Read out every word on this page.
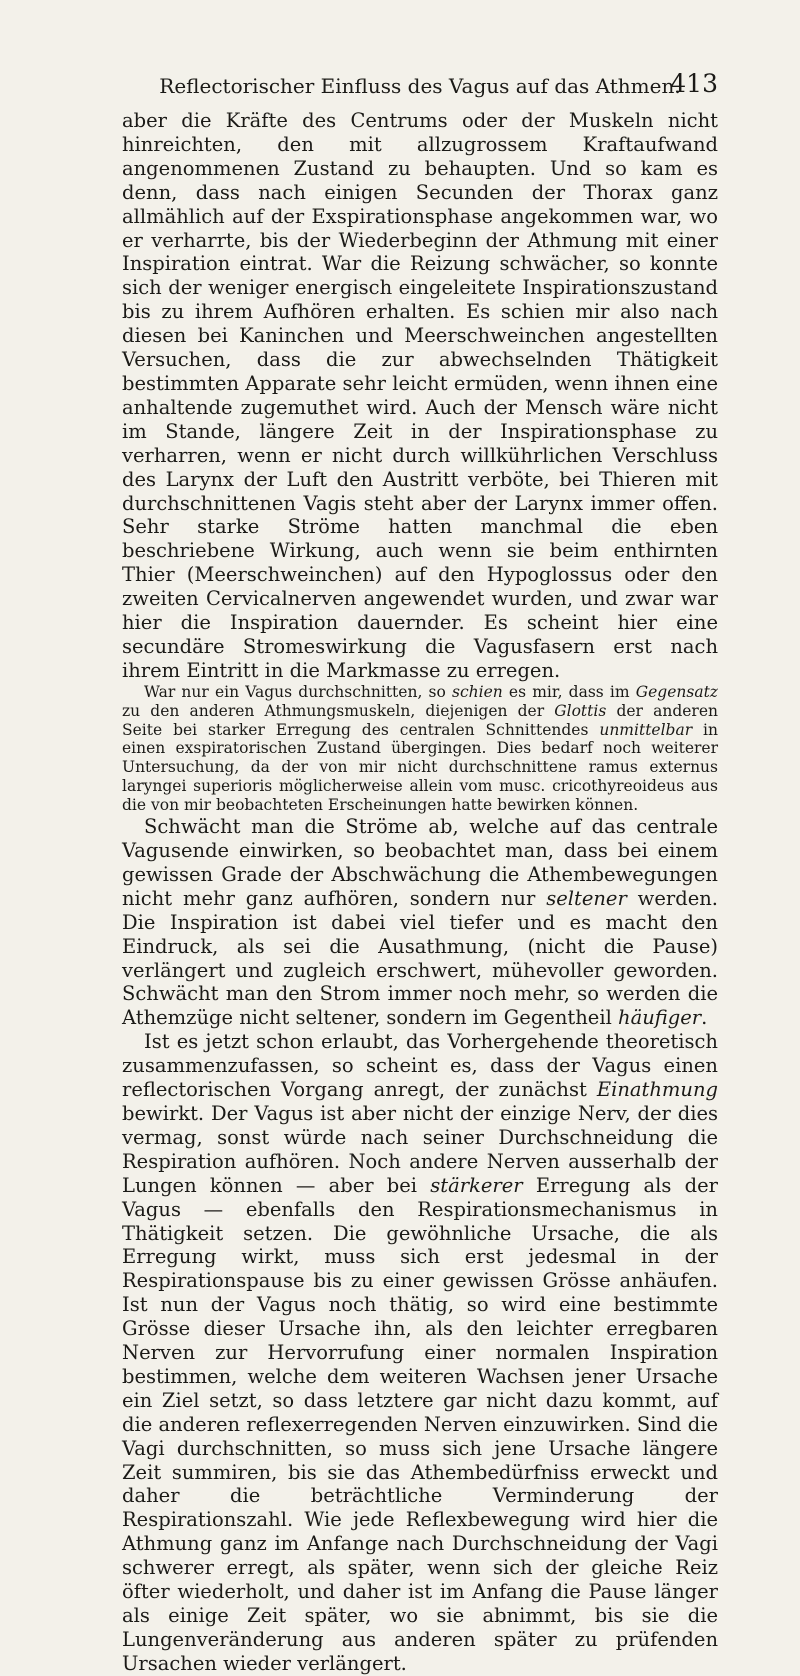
Reflectorischer Einfluss des Vagus auf das Athmen.
413

aber die Kräfte des Centrums oder der Muskeln nicht hinreichten, den mit allzugrossem Kraftaufwand angenommenen Zustand zu behaupten. Und so kam es denn, dass nach einigen Secunden der Thorax ganz allmählich auf der Exspirationsphase angekommen war, wo er verharrte, bis der Wiederbeginn der Athmung mit einer Inspiration eintrat. War die Reizung schwächer, so konnte sich der weniger energisch eingeleitete Inspirationszustand bis zu ihrem Aufhören erhalten. Es schien mir also nach diesen bei Kaninchen und Meerschweinchen angestellten Versuchen, dass die zur abwechselnden Thätigkeit bestimmten Apparate sehr leicht ermüden, wenn ihnen eine anhaltende zugemuthet wird. Auch der Mensch wäre nicht im Stande, längere Zeit in der Inspirationsphase zu verharren, wenn er nicht durch willkührlichen Verschluss des Larynx der Luft den Austritt verböte, bei Thieren mit durchschnittenen Vagis steht aber der Larynx immer offen. Sehr starke Ströme hatten manchmal die eben beschriebene Wirkung, auch wenn sie beim enthirnten Thier (Meerschweinchen) auf den Hypoglossus oder den zweiten Cervicalnerven angewendet wurden, und zwar war hier die Inspiration dauernder. Es scheint hier eine secundäre Stromeswirkung die Vagusfasern erst nach ihrem Eintritt in die Markmasse zu erregen.

War nur ein Vagus durchschnitten, so schien es mir, dass im Gegensatz zu den anderen Athmungsmuskeln, diejenigen der Glottis der anderen Seite bei starker Erregung des centralen Schnittendes unmittelbar in einen exspiratorischen Zustand übergingen. Dies bedarf noch weiterer Untersuchung, da der von mir nicht durchschnittene ramus externus laryngei superioris möglicherweise allein vom musc. cricothyreoideus aus die von mir beobachteten Erscheinungen hatte bewirken können.

Schwächt man die Ströme ab, welche auf das centrale Vagusende einwirken, so beobachtet man, dass bei einem gewissen Grade der Abschwächung die Athembewegungen nicht mehr ganz aufhören, sondern nur seltener werden. Die Inspiration ist dabei viel tiefer und es macht den Eindruck, als sei die Ausathmung, (nicht die Pause) verlängert und zugleich erschwert, mühevoller geworden. Schwächt man den Strom immer noch mehr, so werden die Athemzüge nicht seltener, sondern im Gegentheil häufiger.

Ist es jetzt schon erlaubt, das Vorhergehende theoretisch zusammenzufassen, so scheint es, dass der Vagus einen reflectorischen Vorgang anregt, der zunächst Einathmung bewirkt. Der Vagus ist aber nicht der einzige Nerv, der dies vermag, sonst würde nach seiner Durchschneidung die Respiration aufhören. Noch andere Nerven ausserhalb der Lungen können — aber bei stärkerer Erregung als der Vagus — ebenfalls den Respirationsmechanismus in Thätigkeit setzen. Die gewöhnliche Ursache, die als Erregung wirkt, muss sich erst jedesmal in der Respirationspause bis zu einer gewissen Grösse anhäufen. Ist nun der Vagus noch thätig, so wird eine bestimmte Grösse dieser Ursache ihn, als den leichter erregbaren Nerven zur Hervorrufung einer normalen Inspiration bestimmen, welche dem weiteren Wachsen jener Ursache ein Ziel setzt, so dass letztere gar nicht dazu kommt, auf die anderen reflexerregenden Nerven einzuwirken. Sind die Vagi durchschnitten, so muss sich jene Ursache längere Zeit summiren, bis sie das Athembedürfniss erweckt und daher die beträchtliche Verminderung der Respirationszahl. Wie jede Reflexbewegung wird hier die Athmung ganz im Anfange nach Durchschneidung der Vagi schwerer erregt, als später, wenn sich der gleiche Reiz öfter wiederholt, und daher ist im Anfang die Pause länger als einige Zeit später, wo sie abnimmt, bis sie die Lungenveränderung aus anderen später zu prüfenden Ursachen wieder verlängert.
